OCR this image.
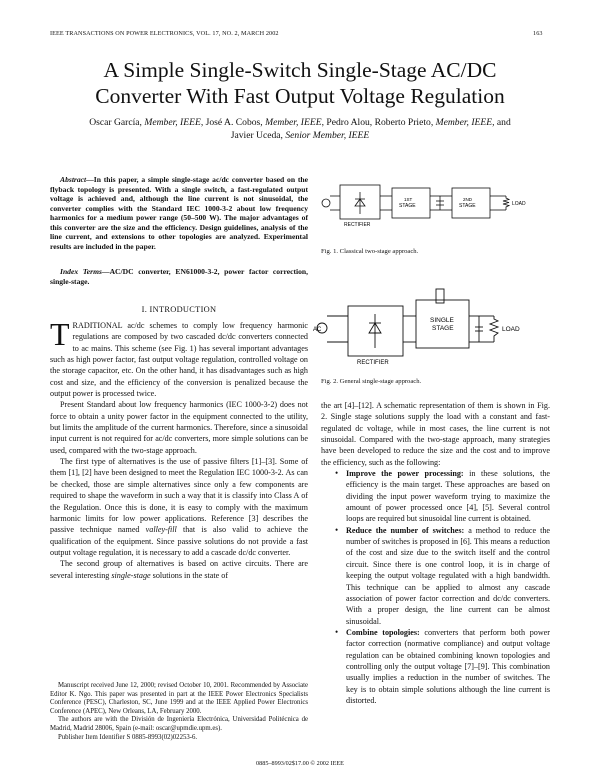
IEEE TRANSACTIONS ON POWER ELECTRONICS, VOL. 17, NO. 2, MARCH 2002	163
A Simple Single-Switch Single-Stage AC/DC
Converter With Fast Output Voltage Regulation
Oscar García, Member, IEEE, José A. Cobos, Member, IEEE, Pedro Alou, Roberto Prieto, Member, IEEE, and
Javier Uceda, Senior Member, IEEE
Abstract—In this paper, a simple single-stage ac/dc converter based on the flyback topology is presented. With a single switch, a fast-regulated output voltage is achieved and, although the line current is not sinusoidal, the converter complies with the Standard IEC 1000-3-2 about low frequency harmonics for a medium power range (50–500 W). The major advantages of this converter are the size and the efficiency. Design guidelines, analysis of the line current, and extensions to other topologies are analyzed. Experimental results are included in the paper.
Index Terms—AC/DC converter, EN61000-3-2, power factor correction, single-stage.
I. INTRODUCTION

TRADITIONAL ac/dc schemes to comply low frequency harmonic regulations are composed by two cascaded dc/dc converters connected to ac mains. This scheme (see Fig. 1) has several important advantages such as high power factor, fast output voltage regulation, controlled voltage on the storage capacitor, etc. On the other hand, it has disadvantages such as high cost and size, and the efficiency of the conversion is penalized because the output power is processed twice.

Present Standard about low frequency harmonics (IEC 1000-3-2) does not force to obtain a unity power factor in the equipment connected to the utility, but limits the amplitude of the current harmonics. Therefore, since a sinusoidal input current is not required for ac/dc converters, more simple solutions can be used, compared with the two-stage approach.

The first type of alternatives is the use of passive filters [1]–[3]. Some of them [1], [2] have been designed to meet the Regulation IEC 1000-3-2. As can be checked, those are simple alternatives since only a few components are required to shape the waveform in such a way that it is classify into Class A of the Regulation. Once this is done, it is easy to comply with the maximum harmonic limits for low power applications. Reference [3] describes the passive technique named valley-fill that is also valid to achieve the qualification of the equipment. Since passive solutions do not provide a fast output voltage regulation, it is necessary to add a cascade dc/dc converter.

The second group of alternatives is based on active circuits. There are several interesting single-stage solutions in the state of

Manuscript received June 12, 2000; revised October 10, 2001. Recommended by Associate Editor K. Ngo. This paper was presented in part at the IEEE Power Electronics Specialists Conference (PESC), Charleston, SC, June 1999 and at the IEEE Applied Power Electronics Conference (APEC), New Orleans, LA, February 2000.

The authors are with the División de Ingeniería Electrónica, Universidad Politécnica de Madrid, Madrid 28006, Spain (e-mail: oscar@upmdie.upm.es).

Publisher Item Identifier S 0885-8993(02)02253-6.

RECTIFIER
1ST
STAGE
2ND
STAGE	LOAD
Fig. 1. Classical two-stage approach.
AC
RECTIFIER
SINGLE
STAGE	LOAD
Fig. 2. General single-stage approach.

the art [4]–[12]. A schematic representation of them is shown in Fig. 2. Single stage solutions supply the load with a constant and fast-regulated dc voltage, while in most cases, the line current is not sinusoidal. Compared with the two-stage approach, many strategies have been developed to reduce the size and the cost and to improve the efficiency, such as the following:

• Improve the power processing: in these solutions, the efficiency is the main target. These approaches are based on dividing the input power waveform trying to maximize the amount of power processed once [4], [5]. Several control loops are required but sinusoidal line current is obtained.
• Reduce the number of switches: a method to reduce the number of switches is proposed in [6]. This means a reduction of the cost and size due to the switch itself and the control circuit. Since there is one control loop, it is in charge of keeping the output voltage regulated with a high bandwidth. This technique can be applied to almost any cascade association of power factor correction and dc/dc converters. With a proper design, the line current can be almost sinusoidal.
• Combine topologies: converters that perform both power factor correction (normative compliance) and output voltage regulation can be obtained combining known topologies and controlling only the output voltage [7]–[9]. This combination usually implies a reduction in the number of switches. The key is to obtain simple solutions although the line current is distorted.
0885–8993/02$17.00 © 2002 IEEE
